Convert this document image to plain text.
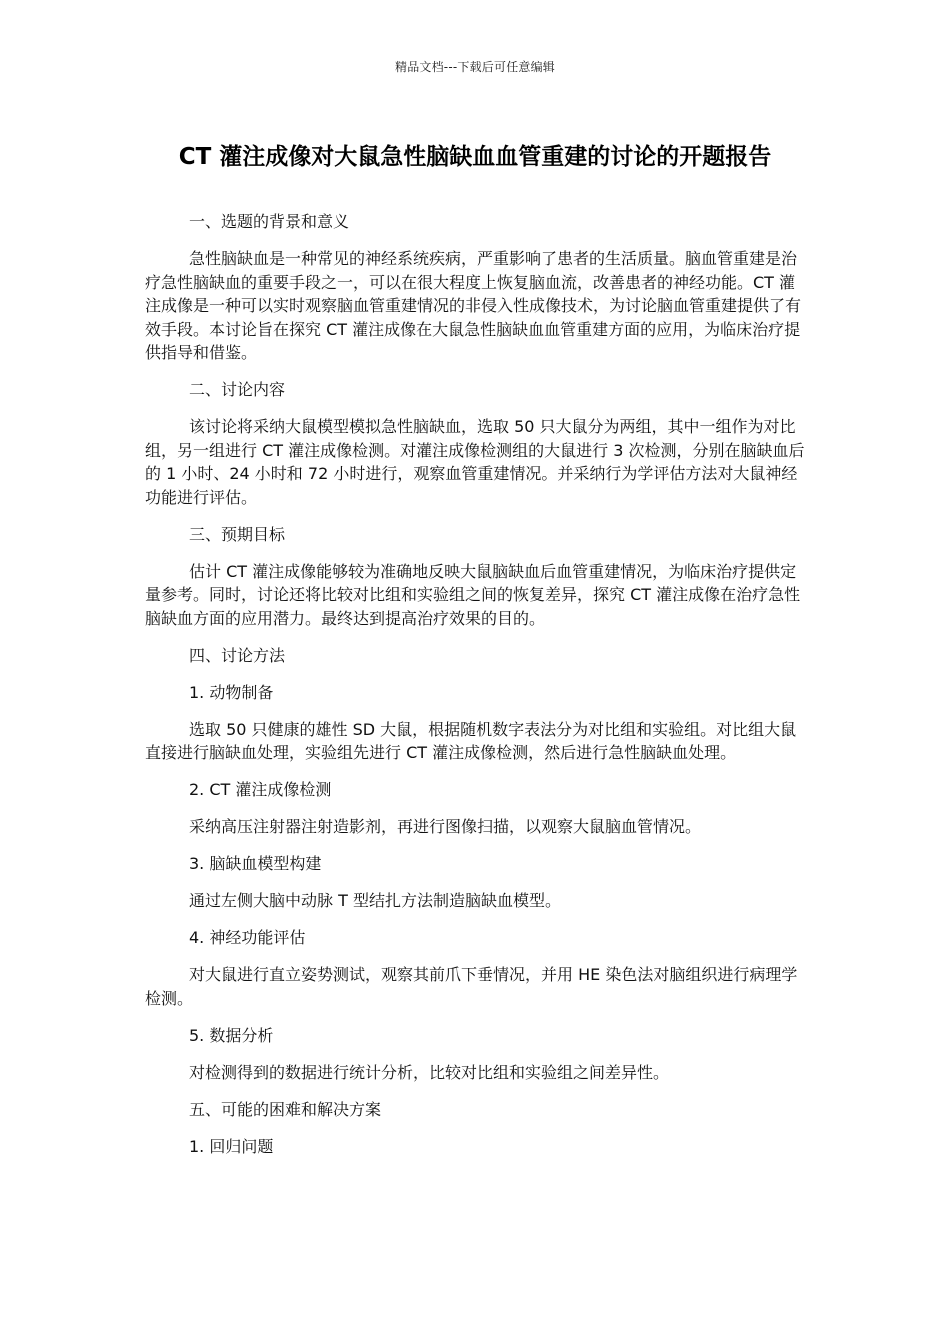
精品文档---下载后可任意编辑
CT 灌注成像对大鼠急性脑缺血血管重建的讨论的开题报告

一、选题的背景和意义

急性脑缺血是一种常见的神经系统疾病，严重影响了患者的生活质量。脑血管重建是治疗急性脑缺血的重要手段之一，可以在很大程度上恢复脑血流，改善患者的神经功能。CT 灌注成像是一种可以实时观察脑血管重建情况的非侵入性成像技术，为讨论脑血管重建提供了有效手段。本讨论旨在探究 CT 灌注成像在大鼠急性脑缺血血管重建方面的应用，为临床治疗提供指导和借鉴。

二、讨论内容

该讨论将采纳大鼠模型模拟急性脑缺血，选取 50 只大鼠分为两组，其中一组作为对比组，另一组进行 CT 灌注成像检测。对灌注成像检测组的大鼠进行 3 次检测，分别在脑缺血后的 1 小时、24 小时和 72 小时进行，观察血管重建情况。并采纳行为学评估方法对大鼠神经功能进行评估。

三、预期目标

估计 CT 灌注成像能够较为准确地反映大鼠脑缺血后血管重建情况，为临床治疗提供定量参考。同时，讨论还将比较对比组和实验组之间的恢复差异，探究 CT 灌注成像在治疗急性脑缺血方面的应用潜力。最终达到提高治疗效果的目的。

四、讨论方法

1. 动物制备

选取 50 只健康的雄性 SD 大鼠，根据随机数字表法分为对比组和实验组。对比组大鼠直接进行脑缺血处理，实验组先进行 CT 灌注成像检测，然后进行急性脑缺血处理。

2. CT 灌注成像检测

采纳高压注射器注射造影剂，再进行图像扫描，以观察大鼠脑血管情况。

3. 脑缺血模型构建

通过左侧大脑中动脉 T 型结扎方法制造脑缺血模型。

4. 神经功能评估

对大鼠进行直立姿势测试，观察其前爪下垂情况，并用 HE 染色法对脑组织进行病理学检测。

5. 数据分析

对检测得到的数据进行统计分析，比较对比组和实验组之间差异性。

五、可能的困难和解决方案

1. 回归问题
